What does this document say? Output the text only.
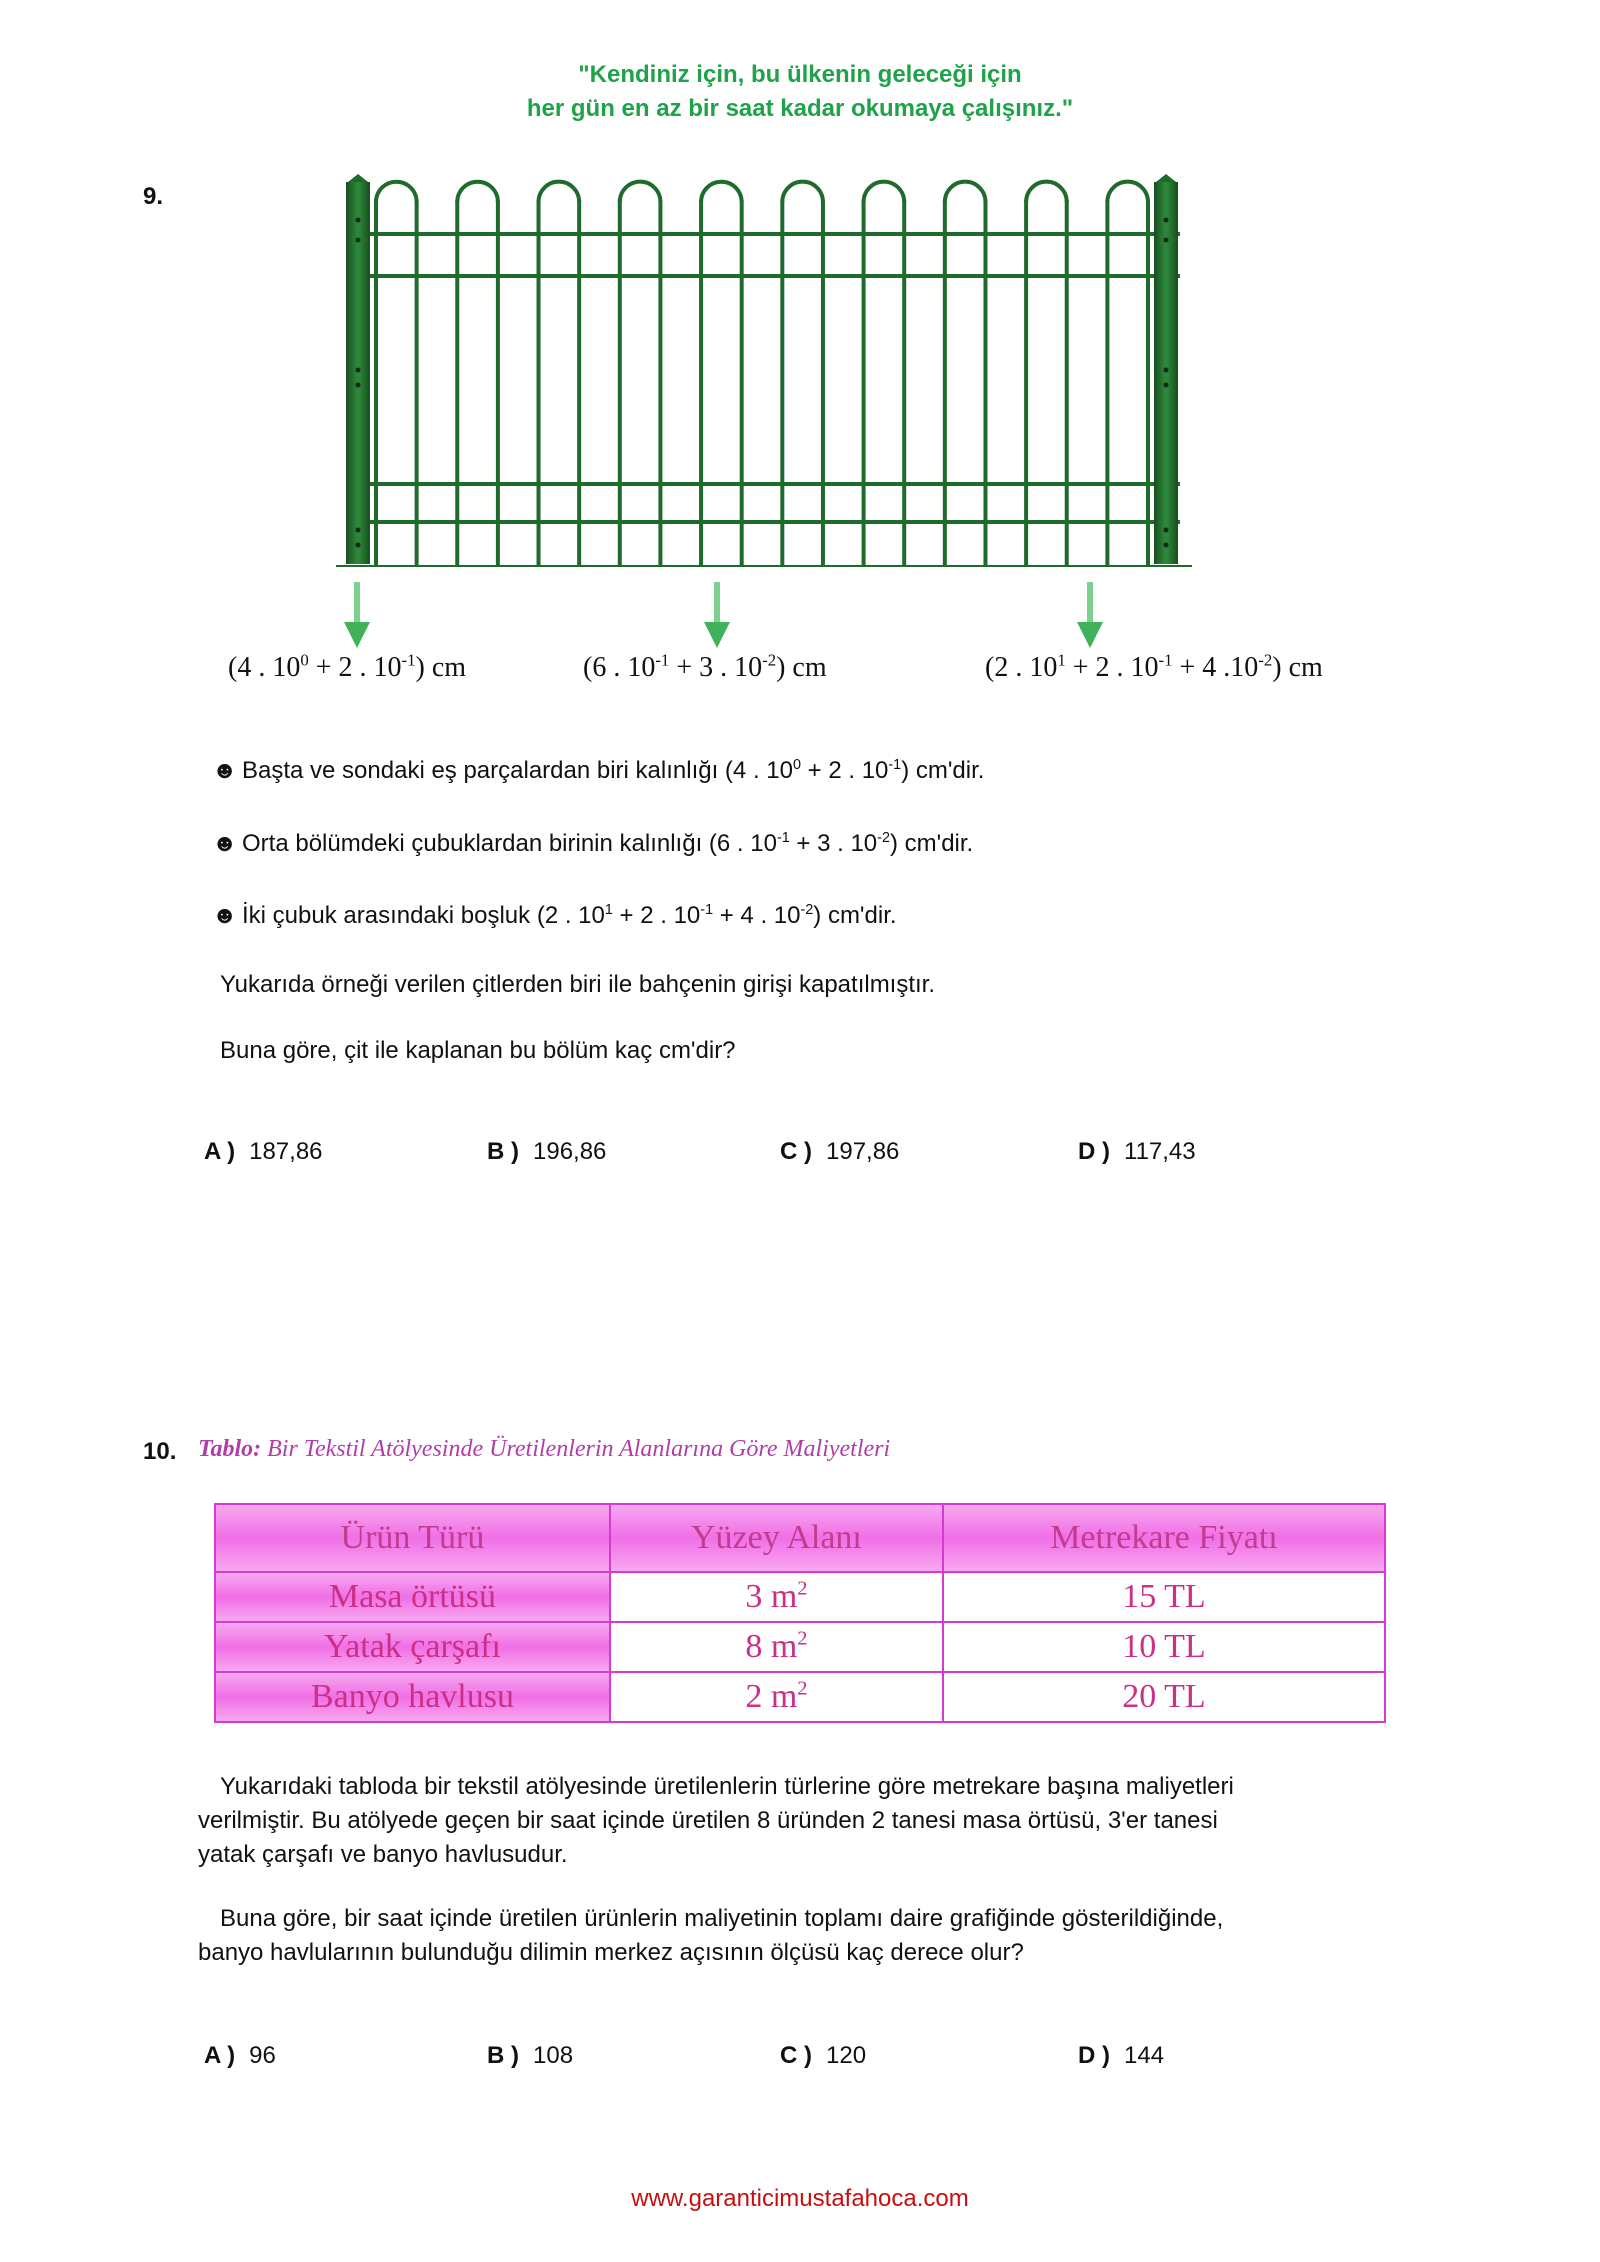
"Kendiniz için, bu ülkenin geleceği için
her gün en az bir saat kadar okumaya çalışınız."
9.
(4 . $10^0 + 2$ . $10^{-1}$) cm	(6 . $10^{-1} + 3$ . $10^{-2}$) cm	(2 . $10^1 + 2$ . $10^{-1} + 4$ $.10^{-2}$) cm
☻ Başta ve sondaki eş parçalardan biri kalınlığı (4 . $10^0 + 2$ . $10^{-1}$) cm'dir.
☻ Orta bölümdeki çubuklardan birinin kalınlığı (6 . $10^{-1} + 3$ . $10^{-2}$) cm'dir.
☻ İki çubuk arasındaki boşluk (2 . $10^1 + 2$ . $10^{-1} + 4$ . $10^{-2}$) cm'dir.
Yukarıda örneği verilen çitlerden biri ile bahçenin girişi kapatılmıştır.
Buna göre, çit ile kaplanan bu bölüm kaç cm'dir?
A ) 187,86	B ) 196,86	C ) 197,86	D ) 117,43
10. Tablo: Bir Tekstil Atölyesinde Üretilenlerin Alanlarına Göre Maliyetleri
Ürün Türü	Yüzey Alanı	Metrekare Fiyatı
Masa örtüsü	3 $m^2$	15 TL
Yatak çarşafı	8 $m^2$	10 TL
Banyo havlusu	2 $m^2$	20 TL
Yukarıdaki tabloda bir tekstil atölyesinde üretilenlerin türlerine göre metrekare başına maliyetleri
verilmiştir. Bu atölyede geçen bir saat içinde üretilen 8 üründen 2 tanesi masa örtüsü, 3'er tanesi
yatak çarşafı ve banyo havlusudur.
Buna göre, bir saat içinde üretilen ürünlerin maliyetinin toplamı daire grafiğinde gösterildiğinde,
banyo havlularının bulunduğu dilimin merkez açısının ölçüsü kaç derece olur?
A ) 96	B ) 108	C ) 120	D ) 144
www.garanticimustafahoca.com
